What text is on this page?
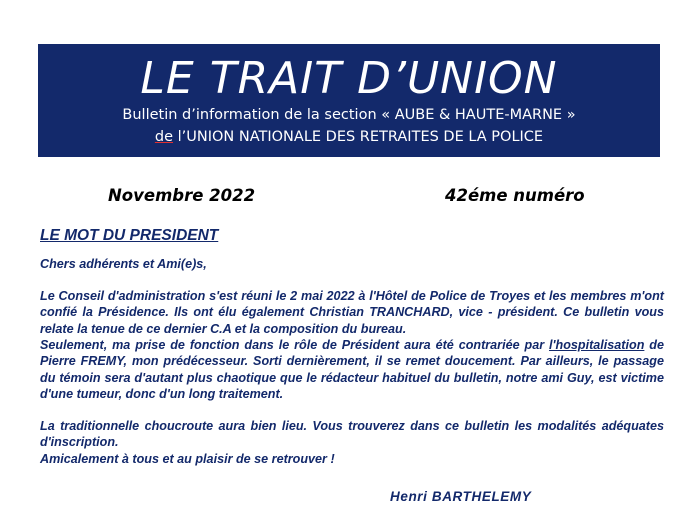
LE TRAIT D’UNION
Bulletin d’information de la section « AUBE & HAUTE-MARNE »
de l’UNION NATIONALE DES RETRAITES DE LA POLICE
Novembre 2022	42éme numéro
LE MOT DU PRESIDENT
Chers adhérents et Ami(e)s,
Le Conseil d'administration s'est réuni le 2 mai 2022 à l'Hôtel de Police de Troyes et les membres m'ont confié la Présidence. Ils ont élu également Christian TRANCHARD, vice - président. Ce bulletin vous relate la tenue de ce dernier C.A et la composition du bureau.
Seulement, ma prise de fonction dans le rôle de Président aura été contrariée par l'hospitalisation de Pierre FREMY, mon prédécesseur. Sorti dernièrement, il se remet doucement. Par ailleurs, le passage du témoin sera d'autant plus chaotique que le rédacteur habituel du bulletin, notre ami Guy, est victime d'une tumeur, donc d'un long traitement.
La traditionnelle choucroute aura bien lieu. Vous trouverez dans ce bulletin les modalités adéquates d'inscription.
Amicalement à tous et au plaisir de se retrouver !
Henri BARTHELEMY
